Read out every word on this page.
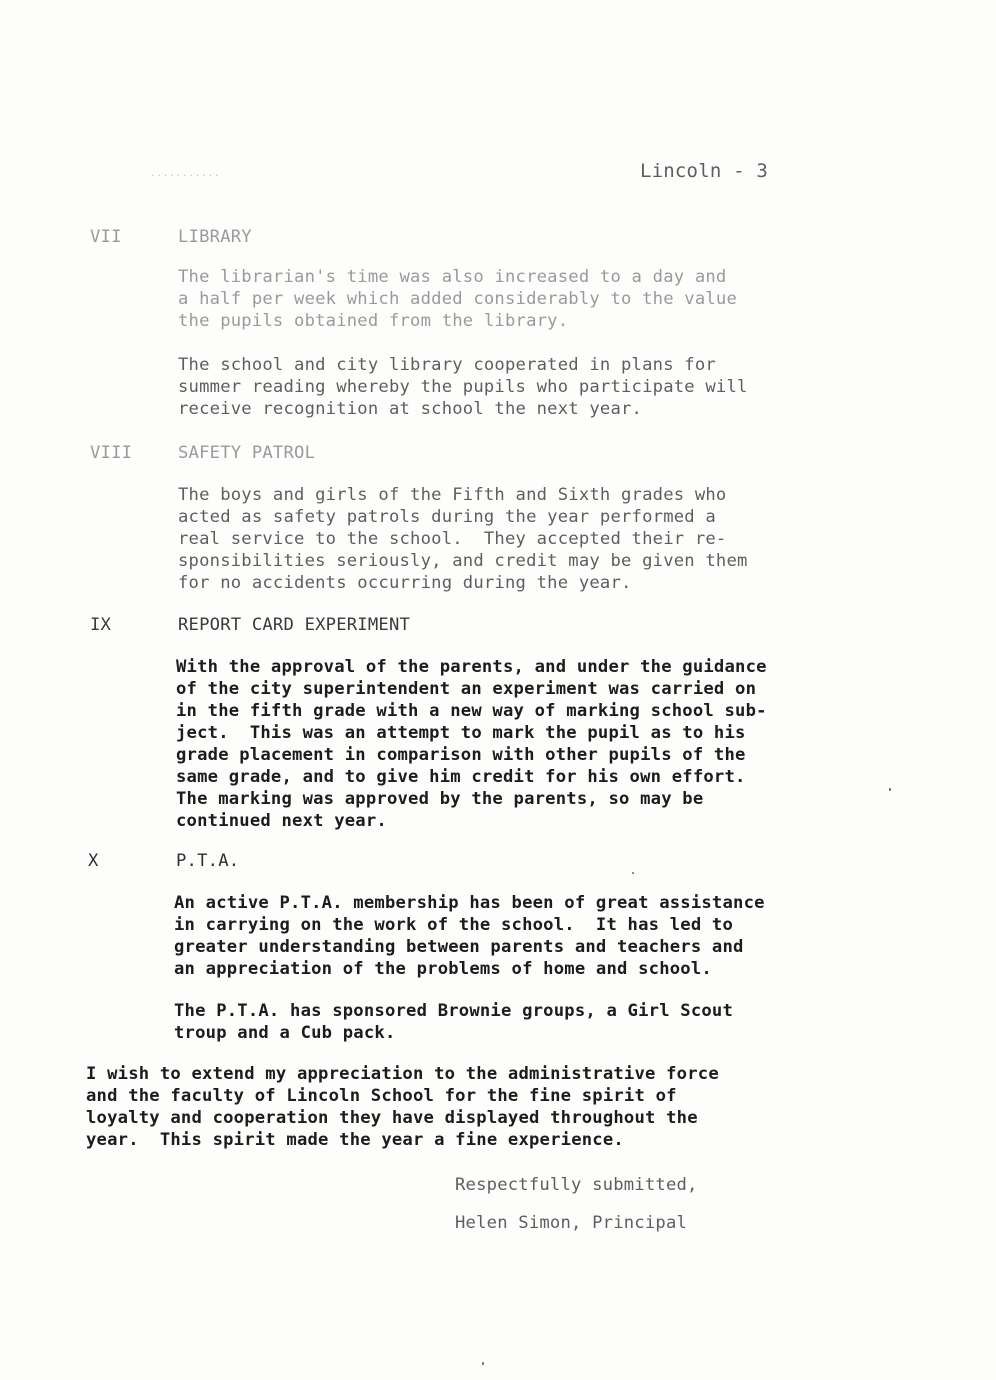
...........	Lincoln - 3
VII	LIBRARY
The librarian's time was also increased to a day and
a half per week which added considerably to the value
the pupils obtained from the library.
The school and city library cooperated in plans for
summer reading whereby the pupils who participate will
receive recognition at school the next year.
VIII	SAFETY PATROL
The boys and girls of the Fifth and Sixth grades who
acted as safety patrols during the year performed a
real service to the school.  They accepted their re-
sponsibilities seriously, and credit may be given them
for no accidents occurring during the year.
IX	REPORT CARD EXPERIMENT
With the approval of the parents, and under the guidance
of the city superintendent an experiment was carried on
in the fifth grade with a new way of marking school sub-
ject.  This was an attempt to mark the pupil as to his
grade placement in comparison with other pupils of the
same grade, and to give him credit for his own effort.
The marking was approved by the parents, so may be
continued next year.
X	P.T.A.
An active P.T.A. membership has been of great assistance
in carrying on the work of the school.  It has led to
greater understanding between parents and teachers and
an appreciation of the problems of home and school.
The P.T.A. has sponsored Brownie groups, a Girl Scout
troup and a Cub pack.
I wish to extend my appreciation to the administrative force
and the faculty of Lincoln School for the fine spirit of
loyalty and cooperation they have displayed throughout the
year.  This spirit made the year a fine experience.
Respectfully submitted,
Helen Simon, Principal
